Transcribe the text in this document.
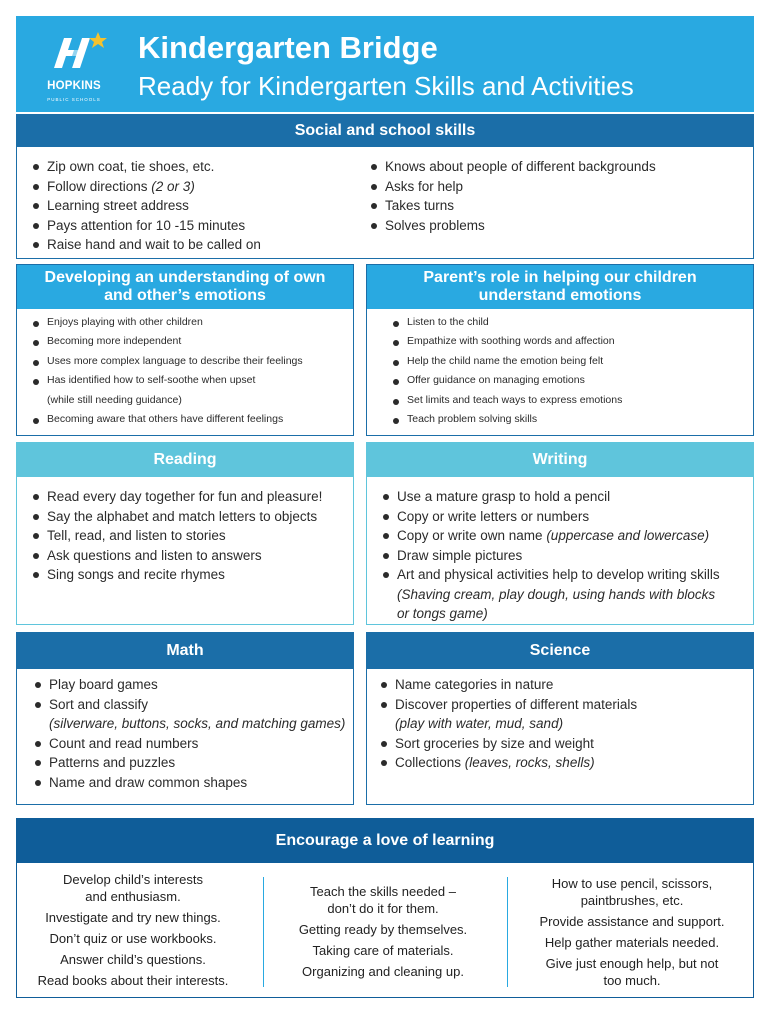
HOPKINS
PUBLIC SCHOOLS
Kindergarten Bridge
Ready for Kindergarten Skills and Activities
Social and school skills
Zip own coat, tie shoes, etc.
Follow directions (2 or 3)
Learning street address
Pays attention for 10 -15 minutes
Raise hand and wait to be called on
Knows about people of different backgrounds
Asks for help
Takes turns
Solves problems
Developing an understanding of own
and other’s emotions
Enjoys playing with other children
Becoming more independent
Uses more complex language to describe their feelings
Has identified how to self-soothe when upset
(while still needing guidance)
Becoming aware that others have different feelings
Parent’s role in helping our children
understand emotions
Listen to the child
Empathize with soothing words and affection
Help the child name the emotion being felt
Offer guidance on managing emotions
Set limits and teach ways to express emotions
Teach problem solving skills
Reading
Read every day together for fun and pleasure!
Say the alphabet and match letters to objects
Tell, read, and listen to stories
Ask questions and listen to answers
Sing songs and recite rhymes
Writing
Use a mature grasp to hold a pencil
Copy or write letters or numbers
Copy or write own name (uppercase and lowercase)
Draw simple pictures
Art and physical activities help to develop writing skills
(Shaving cream, play dough, using hands with blocks
or tongs game)
Math
Play board games
Sort and classify
(silverware, buttons, socks, and matching games)
Count and read numbers
Patterns and puzzles
Name and draw common shapes
Science
Name categories in nature
Discover properties of different materials
(play with water, mud, sand)
Sort groceries by size and weight
Collections (leaves, rocks, shells)
Encourage a love of learning

Develop child’s interests
and enthusiasm.

Investigate and try new things.

Don’t quiz or use workbooks.

Answer child’s questions.

Read books about their interests.

Teach the skills needed –
don’t do it for them.

Getting ready by themselves.

Taking care of materials.

Organizing and cleaning up.

How to use pencil, scissors,
paintbrushes, etc.

Provide assistance and support.

Help gather materials needed.

Give just enough help, but not
too much.
